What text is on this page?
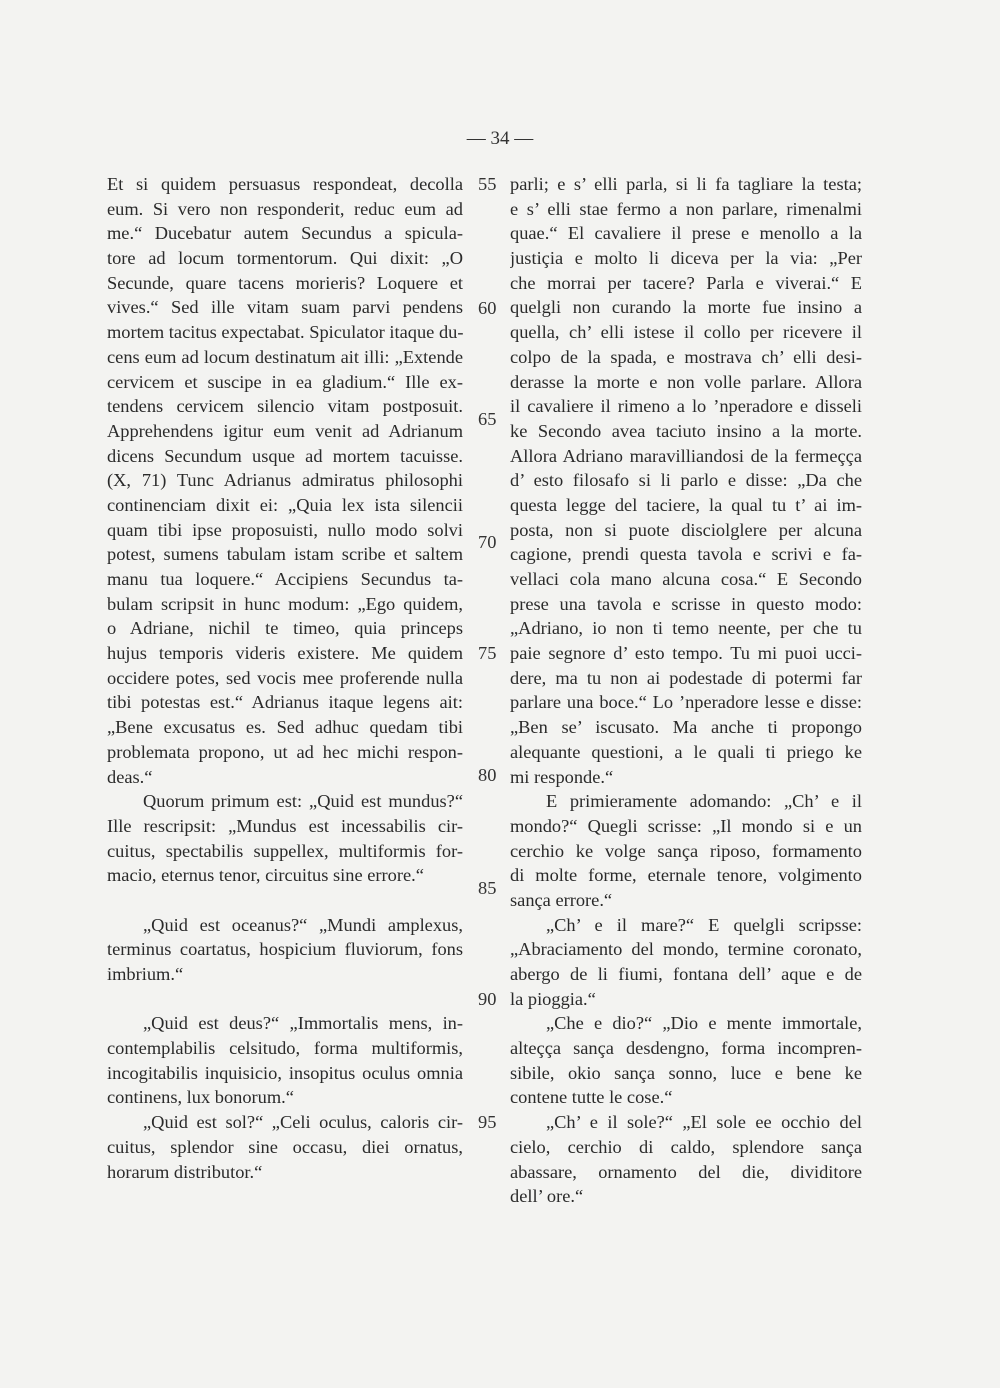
— 34 —
Et si quidem persuasus respondeat, decolla
eum. Si vero non responderit, reduc eum ad
me.“ Ducebatur autem Secundus a spicula-
tore ad locum tormentorum. Qui dixit: „O
Secunde, quare tacens morieris? Loquere et
vives.“ Sed ille vitam suam parvi pendens
mortem tacitus expectabat. Spiculator itaque du-
cens eum ad locum destinatum ait illi: „Extende
cervicem et suscipe in ea gladium.“ Ille ex-
tendens cervicem silencio vitam postposuit.
Apprehendens igitur eum venit ad Adrianum
dicens Secundum usque ad mortem tacuisse.
(X, 71) Tunc Adrianus admiratus philosophi
continenciam dixit ei: „Quia lex ista silencii
quam tibi ipse proposuisti, nullo modo solvi
potest, sumens tabulam istam scribe et saltem
manu tua loquere.“ Accipiens Secundus ta-
bulam scripsit in hunc modum: „Ego quidem,
o Adriane, nichil te timeo, quia princeps
hujus temporis videris existere. Me quidem
occidere potes, sed vocis mee proferende nulla
tibi potestas est.“ Adrianus itaque legens ait:
„Bene excusatus es. Sed adhuc quedam tibi
problemata propono, ut ad hec michi respon-
deas.“
Quorum primum est: „Quid est mundus?“
Ille rescripsit: „Mundus est incessabilis cir-
cuitus, spectabilis suppellex, multiformis for-
macio, eternus tenor, circuitus sine errore.“
„Quid est oceanus?“ „Mundi amplexus,
terminus coartatus, hospicium fluviorum, fons
imbrium.“
„Quid est deus?“ „Immortalis mens, in-
contemplabilis celsitudo, forma multiformis,
incogitabilis inquisicio, insopitus oculus omnia
continens, lux bonorum.“
„Quid est sol?“ „Celi oculus, caloris cir-
cuitus, splendor sine occasu, diei ornatus,
horarum distributor.“
55
60
65
70
75
80
85
90
95
parli; e s’ elli parla, si li fa tagliare la testa;
e s’ elli stae fermo a non parlare, rimenalmi
quae.“ El cavaliere il prese e menollo a la
justiçia e molto li diceva per la via: „Per
che morrai per tacere? Parla e viverai.“ E
quelgli non curando la morte fue insino a
quella, ch’ elli istese il collo per ricevere il
colpo de la spada, e mostrava ch’ elli desi-
derasse la morte e non volle parlare. Allora
il cavaliere il rimeno a lo ’nperadore e disseli
ke Secondo avea taciuto insino a la morte.
Allora Adriano maravilliandosi de la fermeçça
d’ esto filosafo si li parlo e disse: „Da che
questa legge del taciere, la qual tu t’ ai im-
posta, non si puote disciolglere per alcuna
cagione, prendi questa tavola e scrivi e fa-
vellaci cola mano alcuna cosa.“ E Secondo
prese una tavola e scrisse in questo modo:
„Adriano, io non ti temo neente, per che tu
paie segnore d’ esto tempo. Tu mi puoi ucci-
dere, ma tu non ai podestade di potermi far
parlare una boce.“ Lo ’nperadore lesse e disse:
„Ben se’ iscusato. Ma anche ti propongo
alequante questioni, a le quali ti priego ke
mi responde.“
E primieramente adomando: „Ch’ e il
mondo?“ Quegli scrisse: „Il mondo si e un
cerchio ke volge sança riposo, formamento
di molte forme, eternale tenore, volgimento
sança errore.“
„Ch’ e il mare?“ E quelgli scripsse:
„Abraciamento del mondo, termine coronato,
abergo de li fiumi, fontana dell’ aque e de
la pioggia.“
„Che e dio?“ „Dio e mente immortale,
alteçça sança desdengno, forma incompren-
sibile, okio sança sonno, luce e bene ke
contene tutte le cose.“
„Ch’ e il sole?“ „El sole ee occhio del
cielo, cerchio di caldo, splendore sança
abassare, ornamento del die, dividitore
dell’ ore.“
